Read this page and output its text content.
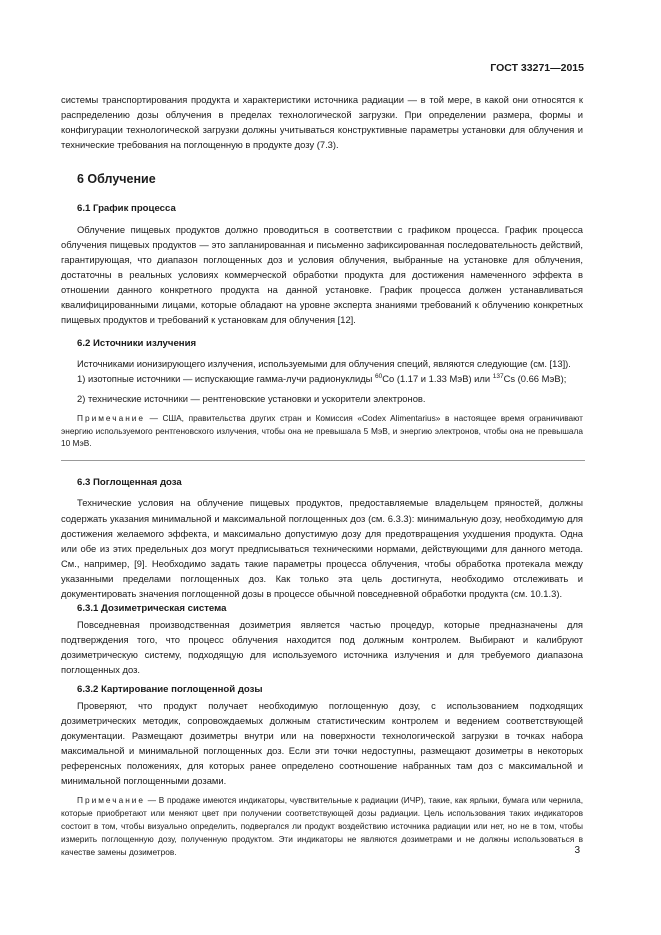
ГОСТ 33271—2015

системы транспортирования продукта и характеристики источника радиации — в той мере, в какой они относятся к распределению дозы облучения в пределах технологической загрузки. При определении размера, формы и конфигурации технологической загрузки должны учитываться конструктивные параметры установки для облучения и технические требования на поглощенную в продукте дозу (7.3).

6 Облучение
6.1 График процесса

Облучение пищевых продуктов должно проводиться в соответствии с графиком процесса. График процесса облучения пищевых продуктов — это запланированная и письменно зафиксированная последовательность действий, гарантирующая, что диапазон поглощенных доз и условия облучения, выбранные на установке для облучения, достаточны в реальных условиях коммерческой обработки продукта для достижения намеченного эффекта в отношении данного конкретного продукта на данной установке. График процесса должен устанавливаться квалифицированными лицами, которые обладают на уровне эксперта знаниями требований к облучению конкретных пищевых продуктов и требований к установкам для облучения [12].

6.2 Источники излучения

Источниками ионизирующего излучения, используемыми для облучения специй, являются следующие (см. [13]).

1) изотопные источники — испускающие гамма-лучи радионуклиды $^{60}$Co (1.17 и 1.33 МэВ) или $^{137}$Cs (0.66 МэВ);

2) технические источники — рентгеновские установки и ускорители электронов.

Примечание — США, правительства других стран и Комиссия «Codex Alimentarius» в настоящее время ограничивают энергию используемого рентгеновского излучения, чтобы она не превышала 5 МэВ, и энергию электронов, чтобы она не превышала 10 МэВ.

6.3 Поглощенная доза

Технические условия на облучение пищевых продуктов, предоставляемые владельцем пряностей, должны содержать указания минимальной и максимальной поглощенных доз (см. 6.3.3): минимальную дозу, необходимую для достижения желаемого эффекта, и максимально допустимую дозу для предотвращения ухудшения продукта. Одна или обе из этих предельных доз могут предписываться техническими нормами, действующими для данного метода. См., например, [9]. Необходимо задать такие параметры процесса облучения, чтобы обработка протекала между указанными пределами поглощенных доз. Как только эта цель достигнута, необходимо отслеживать и документировать значения поглощенной дозы в процессе обычной повседневной обработки продукта (см. 10.1.3).

6.3.1 Дозиметрическая система

Повседневная производственная дозиметрия является частью процедур, которые предназначены для подтверждения того, что процесс облучения находится под должным контролем. Выбирают и калибруют дозиметрическую систему, подходящую для используемого источника излучения и для требуемого диапазона поглощенных доз.

6.3.2 Картирование поглощенной дозы

Проверяют, что продукт получает необходимую поглощенную дозу, с использованием подходящих дозиметрических методик, сопровождаемых должным статистическим контролем и ведением соответствующей документации. Размещают дозиметры внутри или на поверхности технологической загрузки в точках набора максимальной и минимальной поглощенных доз. Если эти точки недоступны, размещают дозиметры в некоторых референсных положениях, для которых ранее определено соотношение набранных там доз с максимальной и минимальной поглощенными дозами.

Примечание — В продаже имеются индикаторы, чувствительные к радиации (ИЧР), такие, как ярлыки, бумага или чернила, которые приобретают или меняют цвет при получении соответствующей дозы радиации. Цель использования таких индикаторов состоит в том, чтобы визуально определить, подвергался ли продукт воздействию источника радиации или нет, но не в том, чтобы измерить поглощенную дозу, полученную продуктом. Эти индикаторы не являются дозиметрами и не должны использоваться в качестве замены дозиметров.	3
